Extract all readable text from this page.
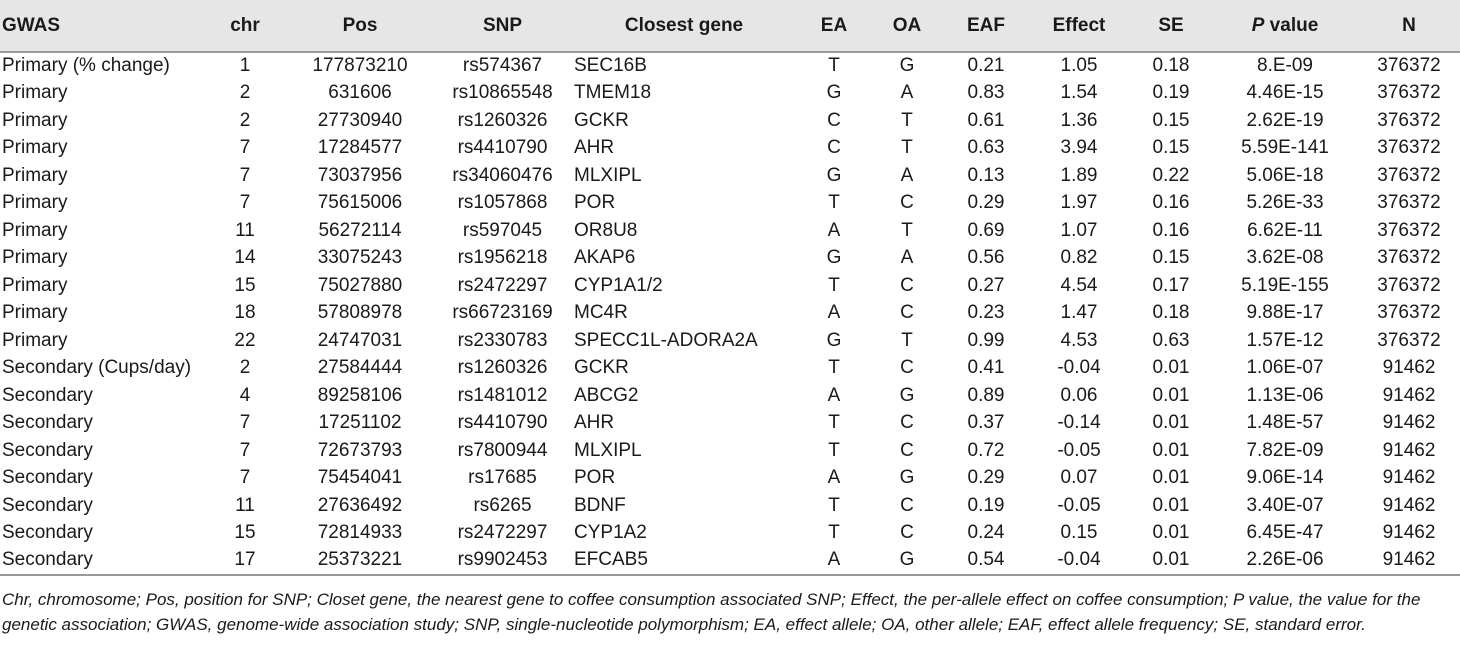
GWAS	chr	Pos	SNP	Closest gene	EA	OA	EAF	Effect	SE	P value	N
Primary (% change)	1	177873210	rs574367	SEC16B	T	G	0.21	1.05	0.18	8.E-09	376372
Primary	2	631606	rs10865548	TMEM18	G	A	0.83	1.54	0.19	4.46E-15	376372
Primary	2	27730940	rs1260326	GCKR	C	T	0.61	1.36	0.15	2.62E-19	376372
Primary	7	17284577	rs4410790	AHR	C	T	0.63	3.94	0.15	5.59E-141	376372
Primary	7	73037956	rs34060476	MLXIPL	G	A	0.13	1.89	0.22	5.06E-18	376372
Primary	7	75615006	rs1057868	POR	T	C	0.29	1.97	0.16	5.26E-33	376372
Primary	11	56272114	rs597045	OR8U8	A	T	0.69	1.07	0.16	6.62E-11	376372
Primary	14	33075243	rs1956218	AKAP6	G	A	0.56	0.82	0.15	3.62E-08	376372
Primary	15	75027880	rs2472297	CYP1A1/2	T	C	0.27	4.54	0.17	5.19E-155	376372
Primary	18	57808978	rs66723169	MC4R	A	C	0.23	1.47	0.18	9.88E-17	376372
Primary	22	24747031	rs2330783	SPECC1L-ADORA2A	G	T	0.99	4.53	0.63	1.57E-12	376372
Secondary (Cups/day)	2	27584444	rs1260326	GCKR	T	C	0.41	-0.04	0.01	1.06E-07	91462
Secondary	4	89258106	rs1481012	ABCG2	A	G	0.89	0.06	0.01	1.13E-06	91462
Secondary	7	17251102	rs4410790	AHR	T	C	0.37	-0.14	0.01	1.48E-57	91462
Secondary	7	72673793	rs7800944	MLXIPL	T	C	0.72	-0.05	0.01	7.82E-09	91462
Secondary	7	75454041	rs17685	POR	A	G	0.29	0.07	0.01	9.06E-14	91462
Secondary	11	27636492	rs6265	BDNF	T	C	0.19	-0.05	0.01	3.40E-07	91462
Secondary	15	72814933	rs2472297	CYP1A2	T	C	0.24	0.15	0.01	6.45E-47	91462
Secondary	17	25373221	rs9902453	EFCAB5	A	G	0.54	-0.04	0.01	2.26E-06	91462
Chr, chromosome; Pos, position for SNP; Closet gene, the nearest gene to coffee consumption associated SNP; Effect, the per-allele effect on coffee consumption; P value, the value for the genetic association; GWAS, genome-wide association study; SNP, single-nucleotide polymorphism; EA, effect allele; OA, other allele; EAF, effect allele frequency; SE, standard error.
